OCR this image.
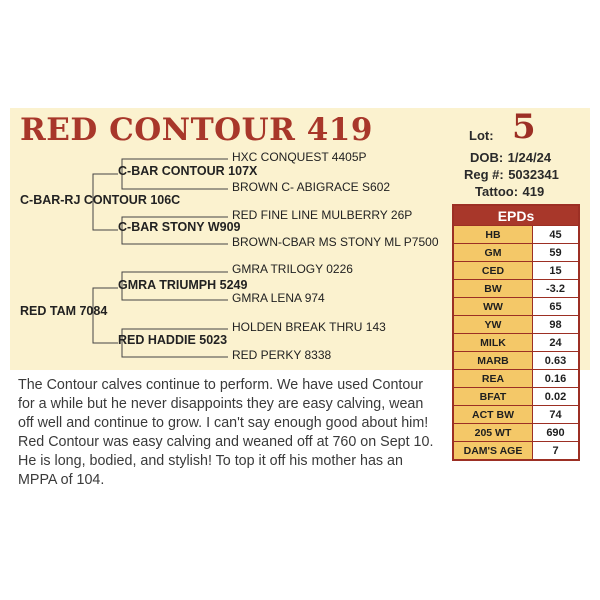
RED CONTOUR 419	Lot: 5
DOB: 1/24/24
Reg #: 5032341
Tattoo: 419
C-BAR-RJ CONTOUR 106C
C-BAR CONTOUR 107X
HXC CONQUEST 4405P
BROWN C- ABIGRACE S602
C-BAR STONY W909
RED FINE LINE MULBERRY 26P
BROWN-CBAR MS STONY ML P7500
RED TAM 7084
GMRA TRIUMPH 5249
GMRA TRILOGY 0226
GMRA LENA 974
RED HADDIE 5023
HOLDEN BREAK THRU 143
RED PERKY 8338
EPDs	
HB	45
GM	59
CED	15
BW	-3.2
WW	65
YW	98
MILK	24
MARB	0.63
REA	0.16
BFAT	0.02
ACT BW	74
205 WT	690
DAM'S AGE	7

The Contour calves continue to perform. We have used Contour for a while but he never disappoints they are easy calving, wean off well and continue to grow. I can't say enough good about him! Red Contour was easy calving and weaned off at 760 on Sept 10. He is long, bodied, and stylish! To top it off his mother has an MPPA of 104.
